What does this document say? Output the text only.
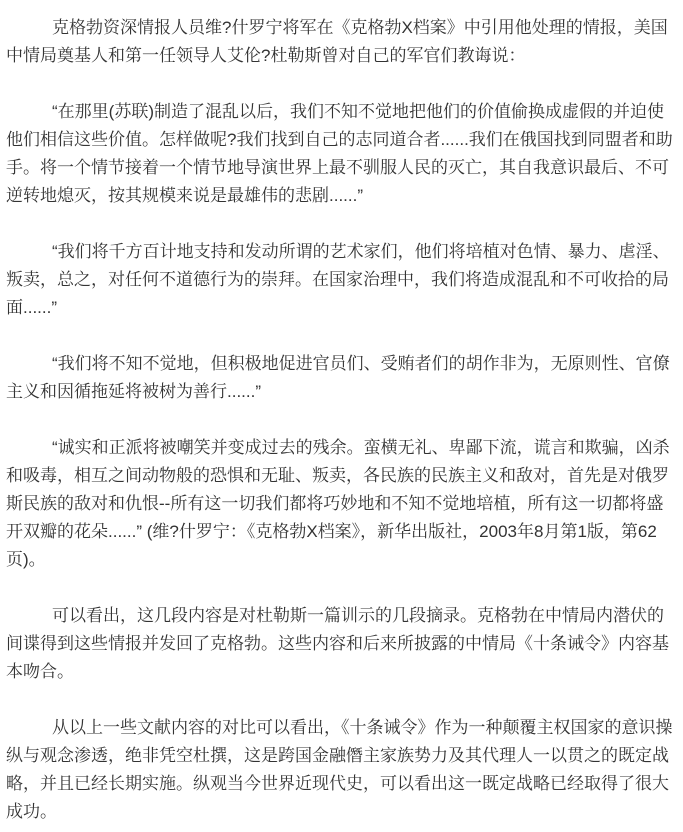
克格勃资深情报人员维?什罗宁将军在《克格勃X档案》中引用他处理的情报，美国中情局奠基人和第一任领导人艾伦?杜勒斯曾对自己的军官们教诲说：

“在那里(苏联)制造了混乱以后，我们不知不觉地把他们的价值偷换成虚假的并迫使他们相信这些价值。怎样做呢?我们找到自己的志同道合者......我们在俄国找到同盟者和助手。将一个情节接着一个情节地导演世界上最不驯服人民的灭亡，其自我意识最后、不可逆转地熄灭，按其规模来说是最雄伟的悲剧......”

“我们将千方百计地支持和发动所谓的艺术家们，他们将培植对色情、暴力、虐淫、叛卖，总之，对任何不道德行为的崇拜。在国家治理中，我们将造成混乱和不可收拾的局面......”

“我们将不知不觉地，但积极地促进官员们、受贿者们的胡作非为，无原则性、官僚主义和因循拖延将被树为善行......”

“诚实和正派将被嘲笑并变成过去的残余。蛮横无礼、卑鄙下流，谎言和欺骗，凶杀和吸毒，相互之间动物般的恐惧和无耻、叛卖，各民族的民族主义和敌对，首先是对俄罗斯民族的敌对和仇恨--所有这一切我们都将巧妙地和不知不觉地培植，所有这一切都将盛开双瓣的花朵......” (维?什罗宁：《克格勃X档案》，新华出版社，2003年8月第1版，第62页)。

可以看出，这几段内容是对杜勒斯一篇训示的几段摘录。克格勃在中情局内潜伏的间谍得到这些情报并发回了克格勃。这些内容和后来所披露的中情局《十条诫令》内容基本吻合。

从以上一些文献内容的对比可以看出，《十条诫令》作为一种颠覆主权国家的意识操纵与观念渗透，绝非凭空杜撰，这是跨国金融僭主家族势力及其代理人一以贯之的既定战略，并且已经长期实施。纵观当今世界近现代史，可以看出这一既定战略已经取得了很大成功。
